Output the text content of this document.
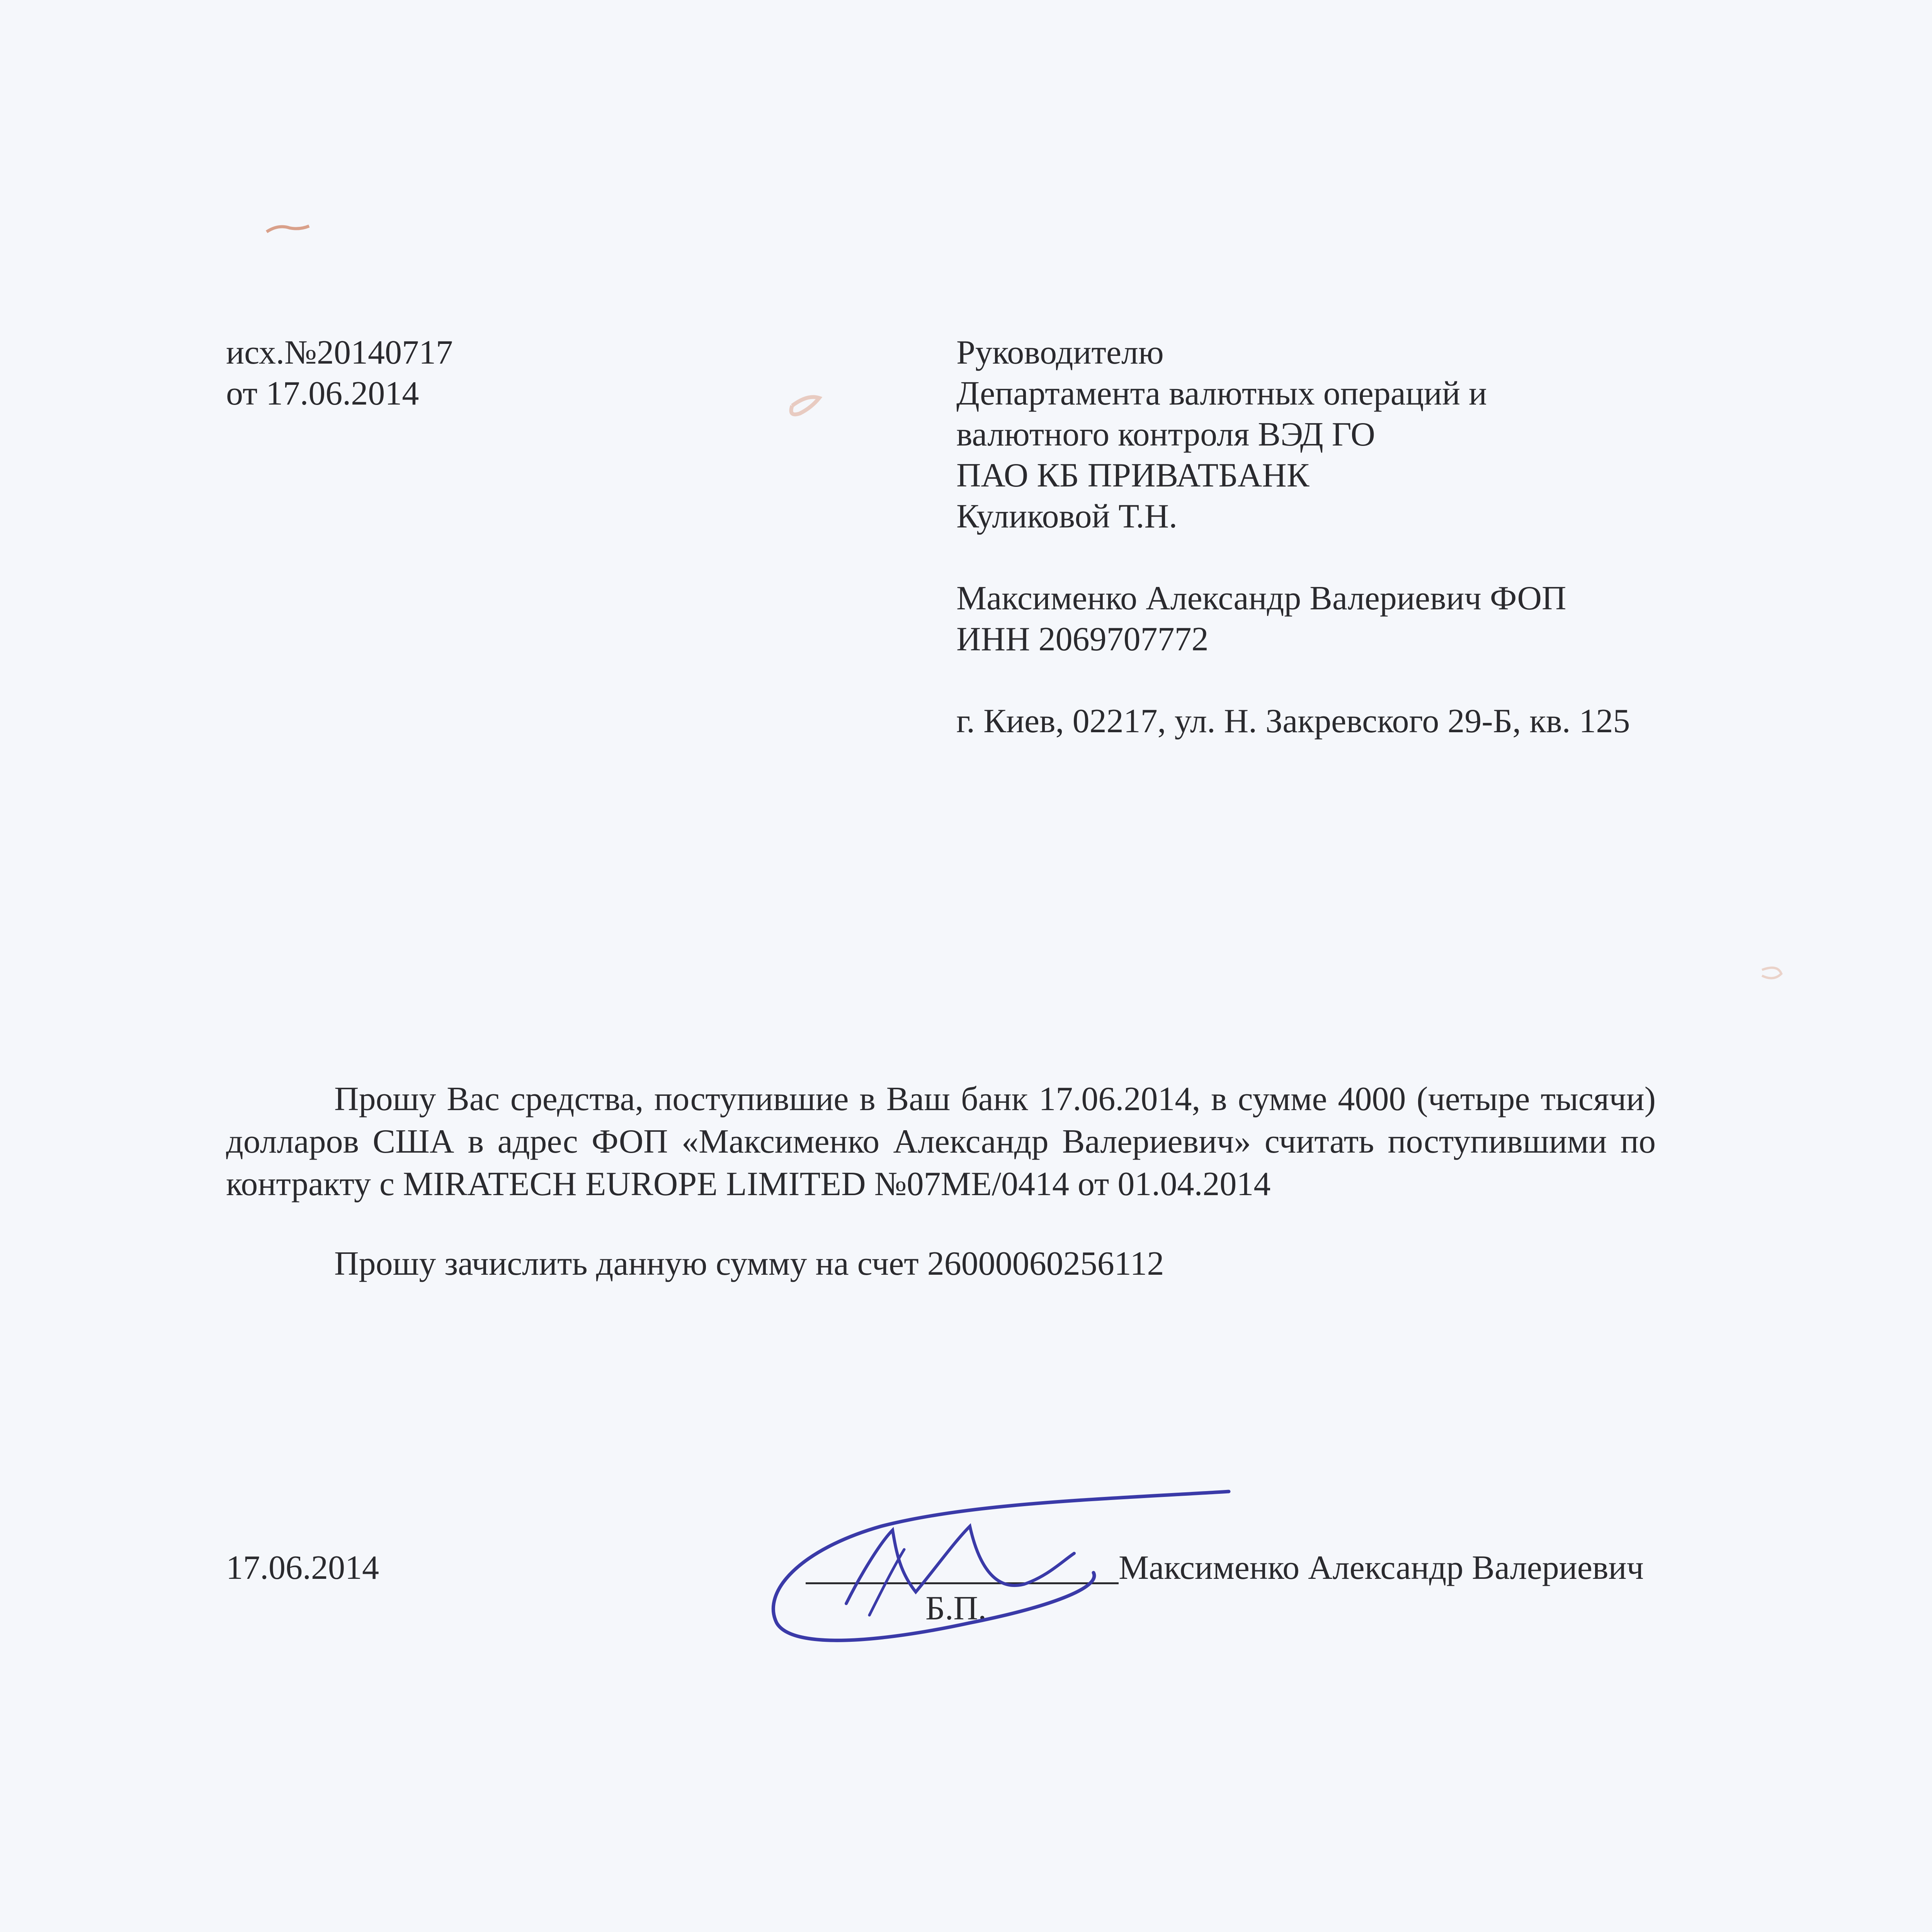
исх.№20140717
от 17.06.2014
Руководителю
Департамента валютных операций и
валютного контроля ВЭД ГО
ПАО КБ ПРИВАТБАНК
Куликовой Т.Н.
Максименко Александр Валериевич ФОП
ИНН 2069707772
г. Киев, 02217, ул. Н. Закревского 29-Б, кв. 125

Прошу Вас средства, поступившие в Ваш банк 17.06.2014, в сумме 4000 (четыре тысячи) долларов США в адрес ФОП «Максименко Александр Валериевич» считать поступившими по контракту с MIRATECH EUROPE LIMITED №07ME/0414 от 01.04.2014

Прошу зачислить данную сумму на счет 26000060256112

17.06.2014	Максименко Александр Валериевич
Б.П.
